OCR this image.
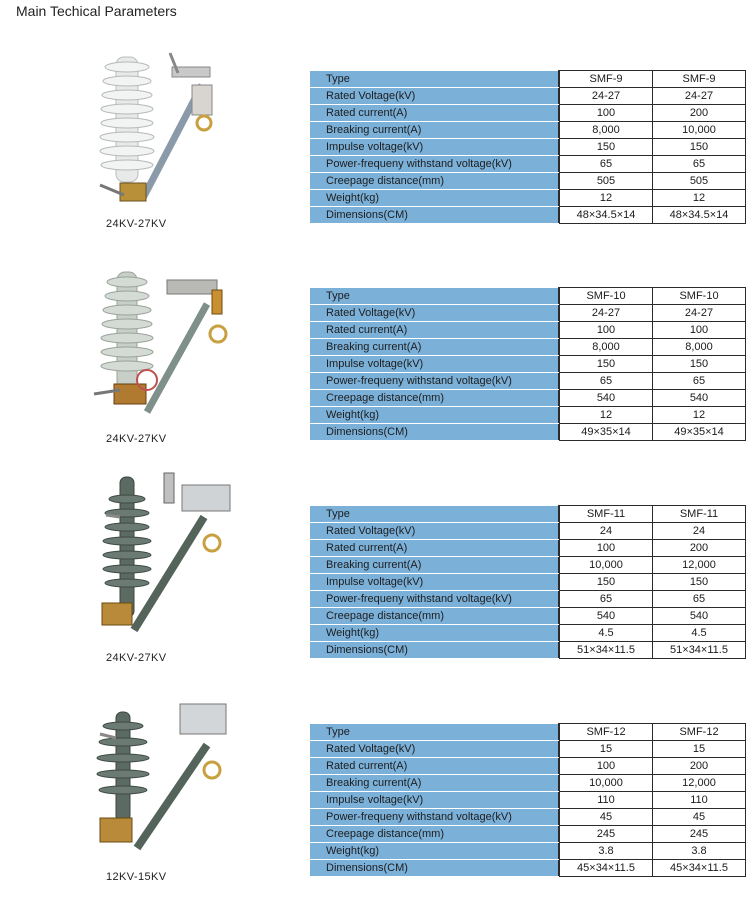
Main Techical Parameters
24KV-27KV
Type		SMF-9	SMF-9
Rated Voltage(kV)		24-27	24-27
Rated current(A)		100	200
Breaking current(A)		8,000	10,000
Impulse voltage(kV)		150	150
Power-frequeny withstand voltage(kV)		65	65
Creepage distance(mm)		505	505
Weight(kg)		12	12
Dimensions(CM)		48×34.5×14	48×34.5×14
24KV-27KV
Type		SMF-10	SMF-10
Rated Voltage(kV)		24-27	24-27
Rated current(A)		100	100
Breaking current(A)		8,000	8,000
Impulse voltage(kV)		150	150
Power-frequeny withstand voltage(kV)		65	65
Creepage distance(mm)		540	540
Weight(kg)		12	12
Dimensions(CM)		49×35×14	49×35×14
24KV-27KV
Type		SMF-11	SMF-11
Rated Voltage(kV)		24	24
Rated current(A)		100	200
Breaking current(A)		10,000	12,000
Impulse voltage(kV)		150	150
Power-frequeny withstand voltage(kV)		65	65
Creepage distance(mm)		540	540
Weight(kg)		4.5	4.5
Dimensions(CM)		51×34×11.5	51×34×11.5
12KV-15KV
Type		SMF-12	SMF-12
Rated Voltage(kV)		15	15
Rated current(A)		100	200
Breaking current(A)		10,000	12,000
Impulse voltage(kV)		110	110
Power-frequeny withstand voltage(kV)		45	45
Creepage distance(mm)		245	245
Weight(kg)		3.8	3.8
Dimensions(CM)		45×34×11.5	45×34×11.5
